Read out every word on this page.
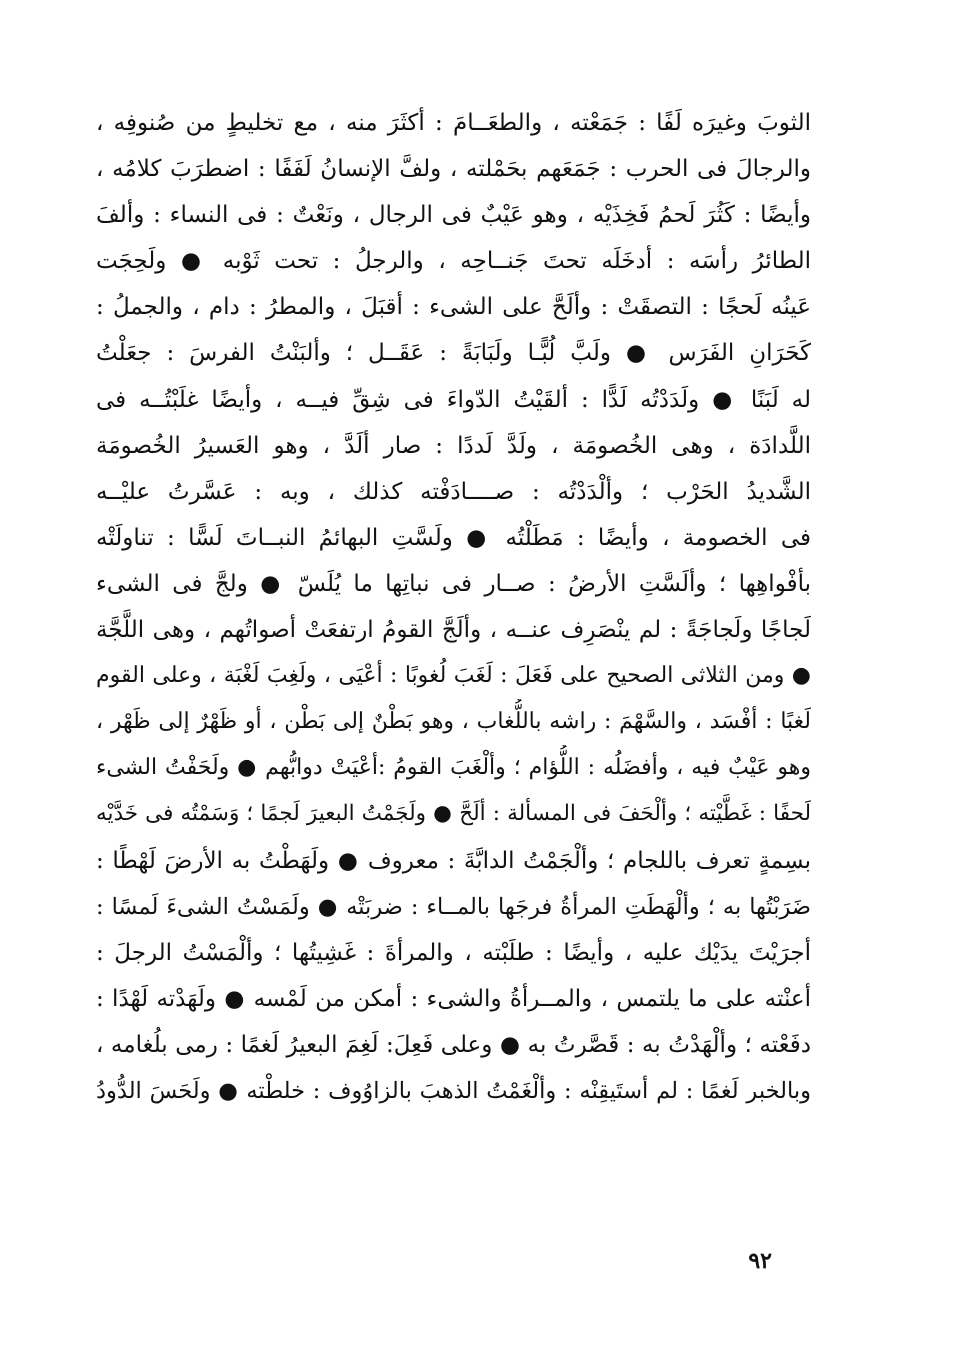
الثوبَ وغيرَه لَفًا : جَمَعْته ، والطعَــامَ : أكثَرَ منه ، مع تخليطٍ من صُنوفِه ،
والرجالَ فى الحرب : جَمَعَهم بحَمْلته ، ولفَّ الإنسانُ لَفَفًا : اضطرَبَ كلامُه ،
وأيضًا : كَثُرَ لَحمُ فَخِذَيْه ، وهو عَيْبٌ فى الرجال ، ونَعْتٌ : فى النساء : وألفَ
الطائرُ رأسَه : أدخَلَه تحتَ جَنــاحِه ، والرجلُ : تحت ثَوْبه ● ولَحِجَت
عَينُه لَحجًا : التصقَتْ : وألَحَّ على الشىء : أقبَلَ ، والمطرُ : دام ، والجملُ :
كَحَرَانِ الفَرَس ● ولَبَّ لُبًّـا ولَبَابَةً : عَقَــل ؛ وألبَنْتُ الفرسَ : جعَلْتُ
له لَبَنًا ● ولَدَدْتُه لَدًّا : ألقَيْتُ الدّواءَ فى شِقِّ فيــه ، وأيضًا غلَبْتُــه فى
اللَّدادَة ، وهى الخُصومَة ، ولَدَّ لَددًا : صار ألَدَّ ، وهو العَسيرُ الخُصومَة
الشَّديدُ الحَرْب ؛ وألْدَدْتُه : صــــادَفْته كذلك ، وبه : عَسَّرتُ عليْــه
فى الخصومة ، وأيضًا : مَطَلْتُه ● ولَسَّتِ البهائمُ النبــاتَ لَسًّا : تناولَتْه
بأفْواهِها ؛ وألَسَّتِ الأرضُ : صــار فى نباتِها ما يُلَسّ ● ولجَّ فى الشىء
لَجاجًا ولَجاجَةً : لم ينْصَرِف عنــه ، وألَجَّ القومُ ارتفعَتْ أصواتُهم ، وهى اللَّجَّة
● ومن الثلاثى الصحيح على فَعَلَ : لَغَبَ لُغوبًا : أعْيَى ، ولَغِبَ لَغْبَة ، وعلى القوم
لَغبًا : أفْسَد ، والسَّهْمَ : راشه باللُّغاب ، وهو بَطْنٌ إلى بَطْن ، أو ظَهْرٌ إلى ظَهْر ،
وهو عَيْبٌ فيه ، وأفضَلُه : اللُّؤام ؛ وألْغَبَ القومُ :أعْيَتْ دوابُّهم ● ولَحَفْتُ الشىء
لَحفًا : غَطَّيْته ؛ وألْحَفَ فى المسألة : ألَحَّ ● ولَجَمْتُ البعيرَ لَجمًا ؛ وَسَمْتُه فى خَدَّيْه
بسِمةٍ تعرف باللجام ؛ وألْجَمْتُ الدابَّةَ : معروف ● ولَهَطْتُ به الأرضَ لَهْطًا :
ضَرَبْتُها به ؛ وألْهَطَتِ المرأةُ فرجَها بالمــاء : ضربَتْه ● ولَمَسْتُ الشىءَ لَمسًا :
أجرَيْتَ يدَيْك عليه ، وأيضًا : طلَبْته ، والمرأةَ : غَشِيتُها ؛ وألْمَسْتُ الرجلَ :
أعنْته على ما يلتمس ، والمــرأةُ والشىء : أمكن من لَمْسه ● ولَهَدْته لَهْدًا :
دفَعْته ؛ وألْهَدْتُ به : قَصَّرتُ به ● وعلى فَعِلَ: لَغِمَ البعيرُ لَغمًا : رمى بلُغامه ،
وبالخبر لَغمًا : لم أستَيقِنْه : وألْغَمْتُ الذهبَ بالزاوُوف : خلطْته ● ولَحَسَ الدُّودُ
٩٢
